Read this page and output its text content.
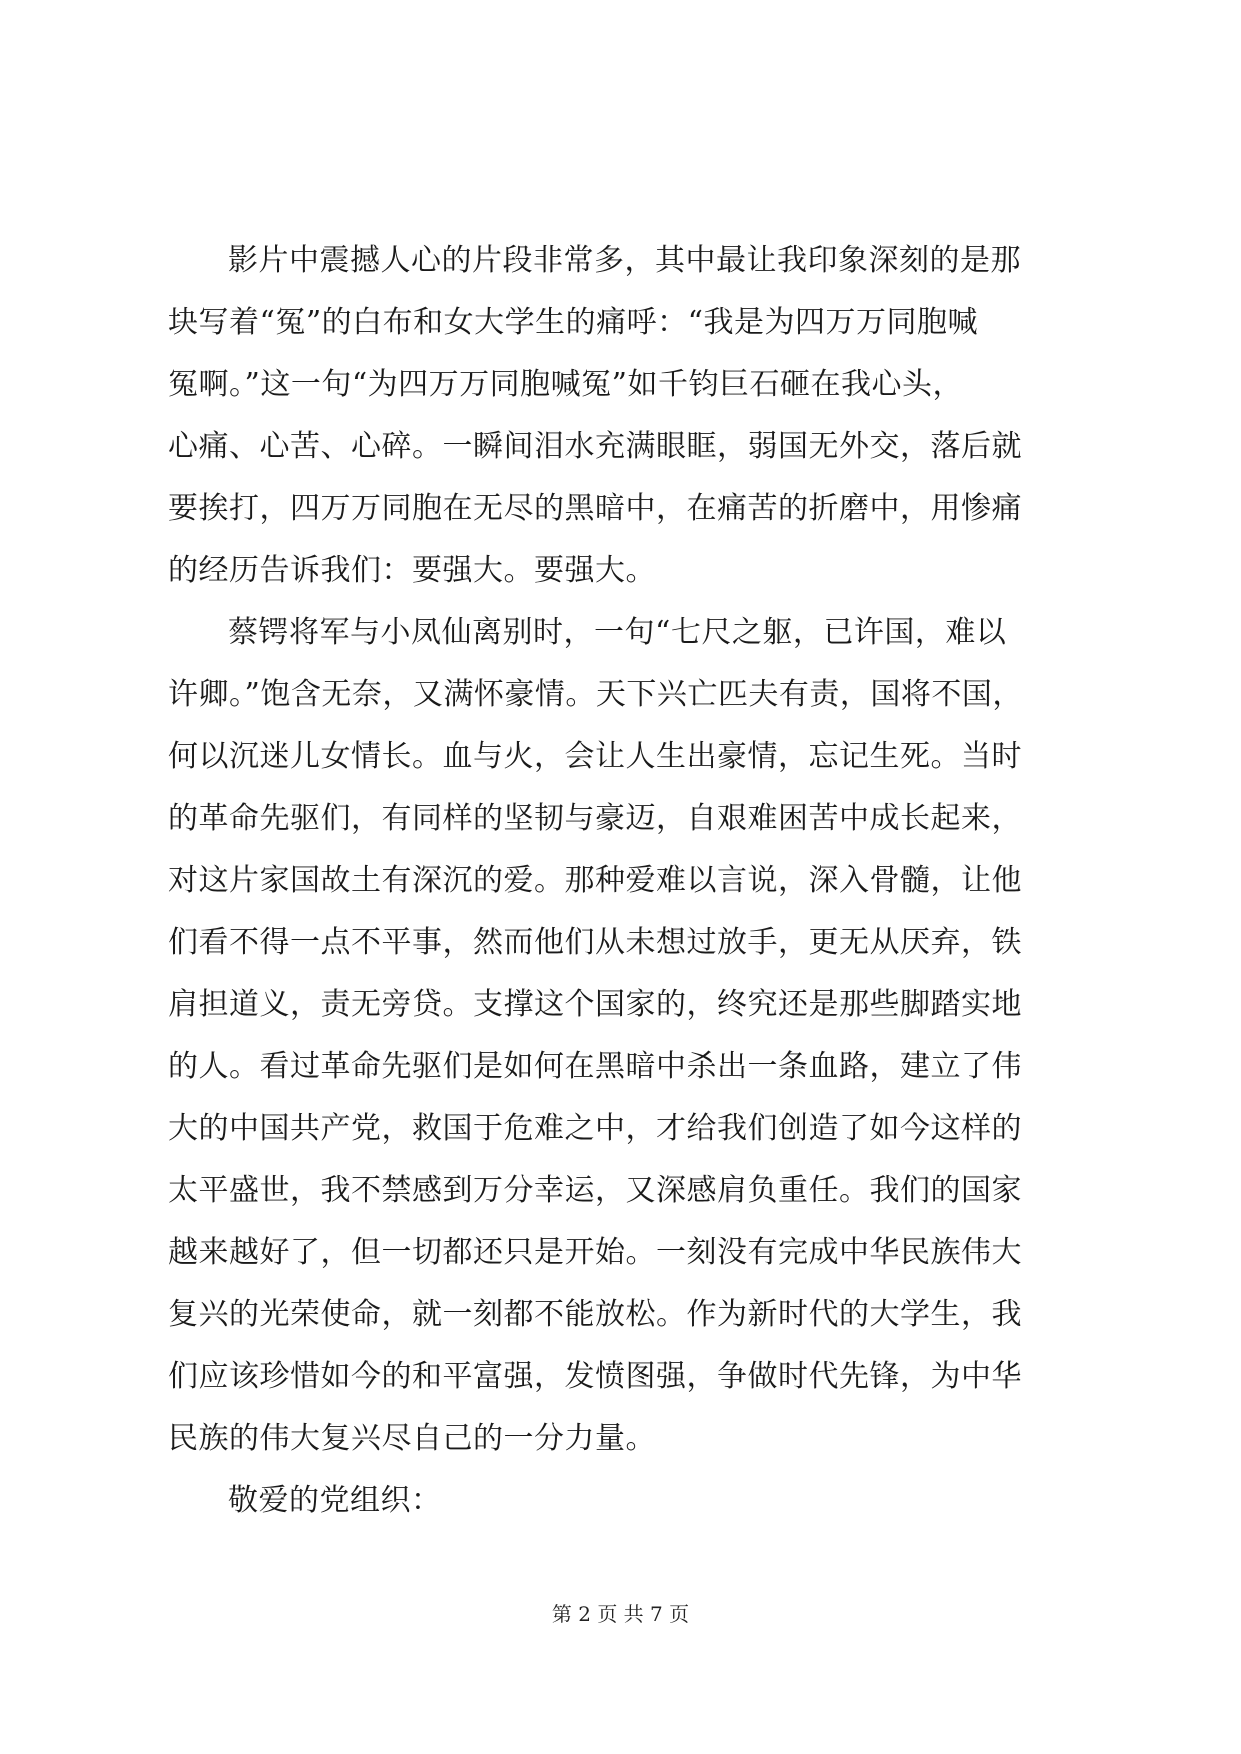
影片中震撼人心的片段非常多，其中最让我印象深刻的是那
块写着“冤”的白布和女大学生的痛呼：“我是为四万万同胞喊
冤啊。”这一句“为四万万同胞喊冤”如千钧巨石砸在我心头，
心痛、心苦、心碎。一瞬间泪水充满眼眶，弱国无外交，落后就
要挨打，四万万同胞在无尽的黑暗中，在痛苦的折磨中，用惨痛
的经历告诉我们：要强大。要强大。
蔡锷将军与小凤仙离别时，一句“七尺之躯，已许国，难以
许卿。”饱含无奈，又满怀豪情。天下兴亡匹夫有责，国将不国，
何以沉迷儿女情长。血与火，会让人生出豪情，忘记生死。当时
的革命先驱们，有同样的坚韧与豪迈，自艰难困苦中成长起来，
对这片家国故土有深沉的爱。那种爱难以言说，深入骨髓，让他
们看不得一点不平事，然而他们从未想过放手，更无从厌弃，铁
肩担道义，责无旁贷。支撑这个国家的，终究还是那些脚踏实地
的人。看过革命先驱们是如何在黑暗中杀出一条血路，建立了伟
大的中国共产党，救国于危难之中，才给我们创造了如今这样的
太平盛世，我不禁感到万分幸运，又深感肩负重任。我们的国家
越来越好了，但一切都还只是开始。一刻没有完成中华民族伟大
复兴的光荣使命，就一刻都不能放松。作为新时代的大学生，我
们应该珍惜如今的和平富强，发愤图强，争做时代先锋，为中华
民族的伟大复兴尽自己的一分力量。
敬爱的党组织：
第 2 页 共 7 页
